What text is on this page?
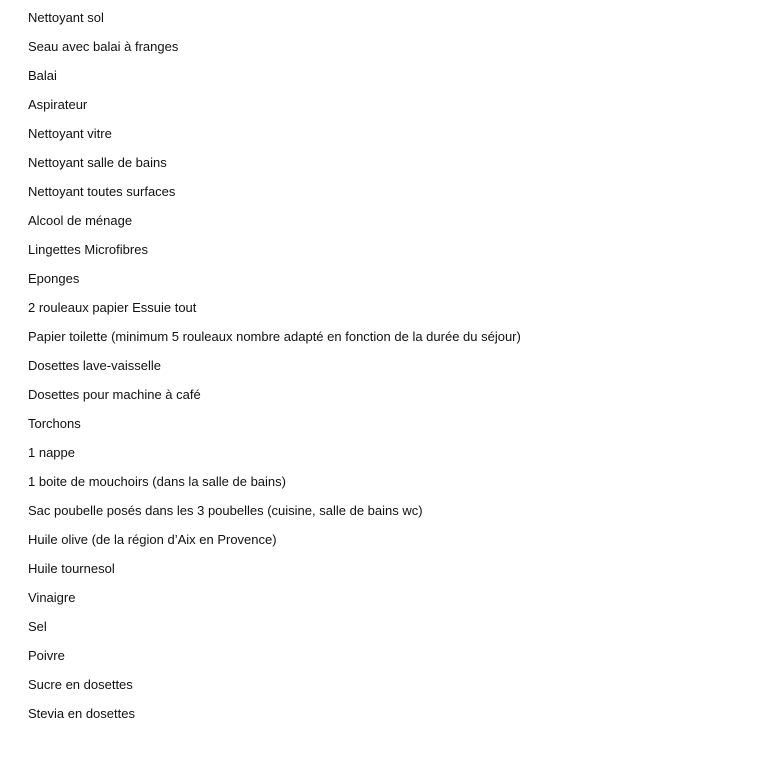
Nettoyant sol
Seau avec balai à franges
Balai
Aspirateur
Nettoyant vitre
Nettoyant salle de bains
Nettoyant toutes surfaces
Alcool de ménage
Lingettes Microfibres
Eponges
2 rouleaux papier Essuie tout
Papier toilette (minimum 5 rouleaux nombre adapté en fonction de la durée du séjour)
Dosettes lave-vaisselle
Dosettes pour machine à café
Torchons
1 nappe
1 boite de mouchoirs (dans la salle de bains)
Sac poubelle posés dans les 3 poubelles (cuisine, salle de bains wc)
Huile olive (de la région d’Aix en Provence)
Huile tournesol
Vinaigre
Sel
Poivre
Sucre en dosettes
Stevia en dosettes
